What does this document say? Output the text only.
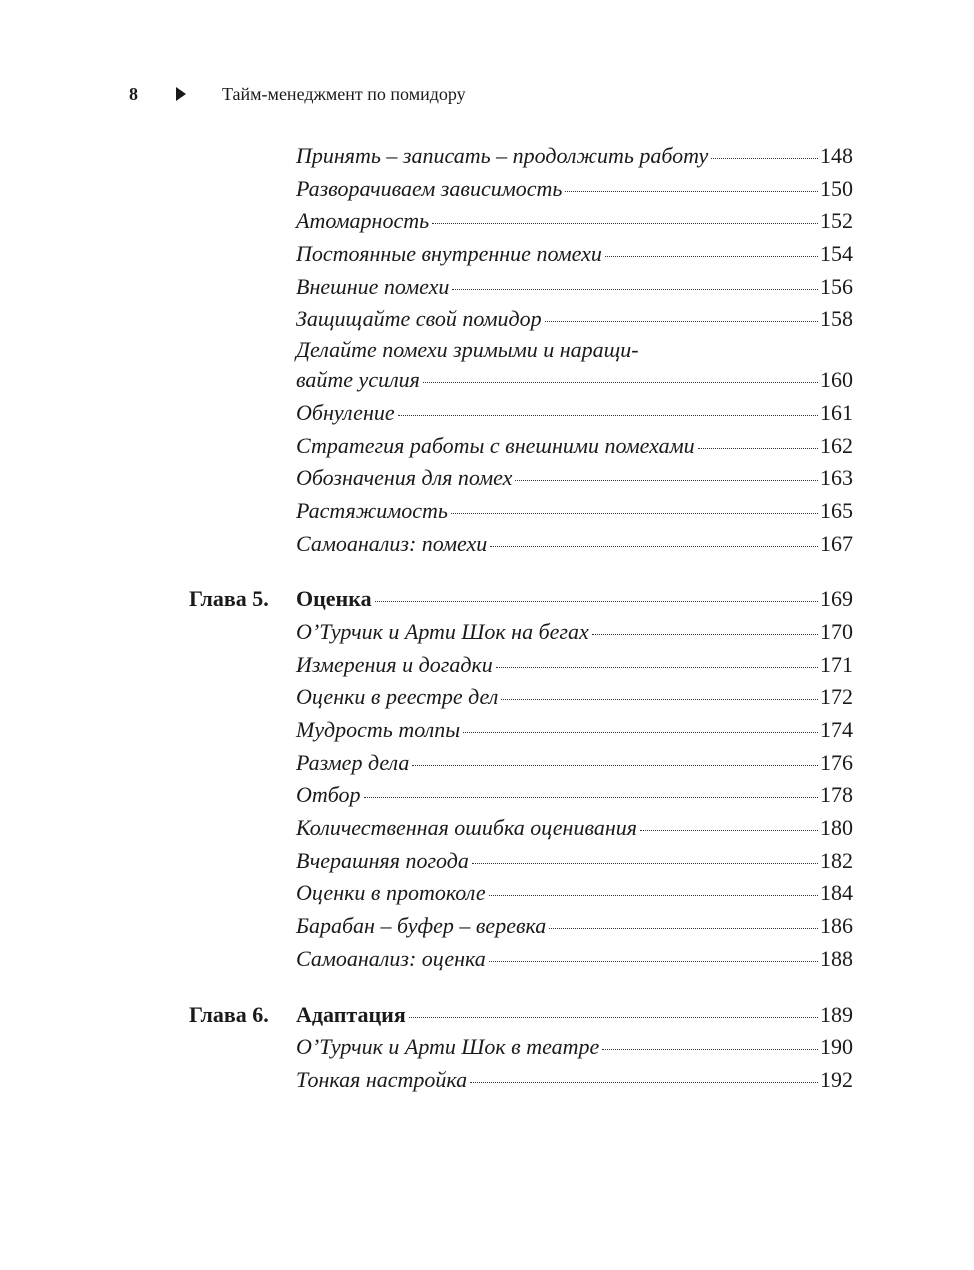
8	Тайм-менеджмент по помидору
Принять – записать – продолжить работу	148
Разворачиваем зависимость	150
Атомарность	152
Постоянные внутренние помехи	154
Внешние помехи	156
Защищайте свой помидор	158
Делайте помехи зримыми и наращи-
вайте усилия	160
Обнуление	161
Стратегия работы с внешними помехами	162
Обозначения для помех	163
Растяжимость	165
Самоанализ: помехи	167
Глава 5.	Оценка	169
О’Турчик и Арти Шок на бегах	170
Измерения и догадки	171
Оценки в реестре дел	172
Мудрость толпы	174
Размер дела	176
Отбор	178
Количественная ошибка оценивания	180
Вчерашняя погода	182
Оценки в протоколе	184
Барабан – буфер – веревка	186
Самоанализ: оценка	188
Глава 6.	Адаптация	189
О’Турчик и Арти Шок в театре	190
Тонкая настройка	192
